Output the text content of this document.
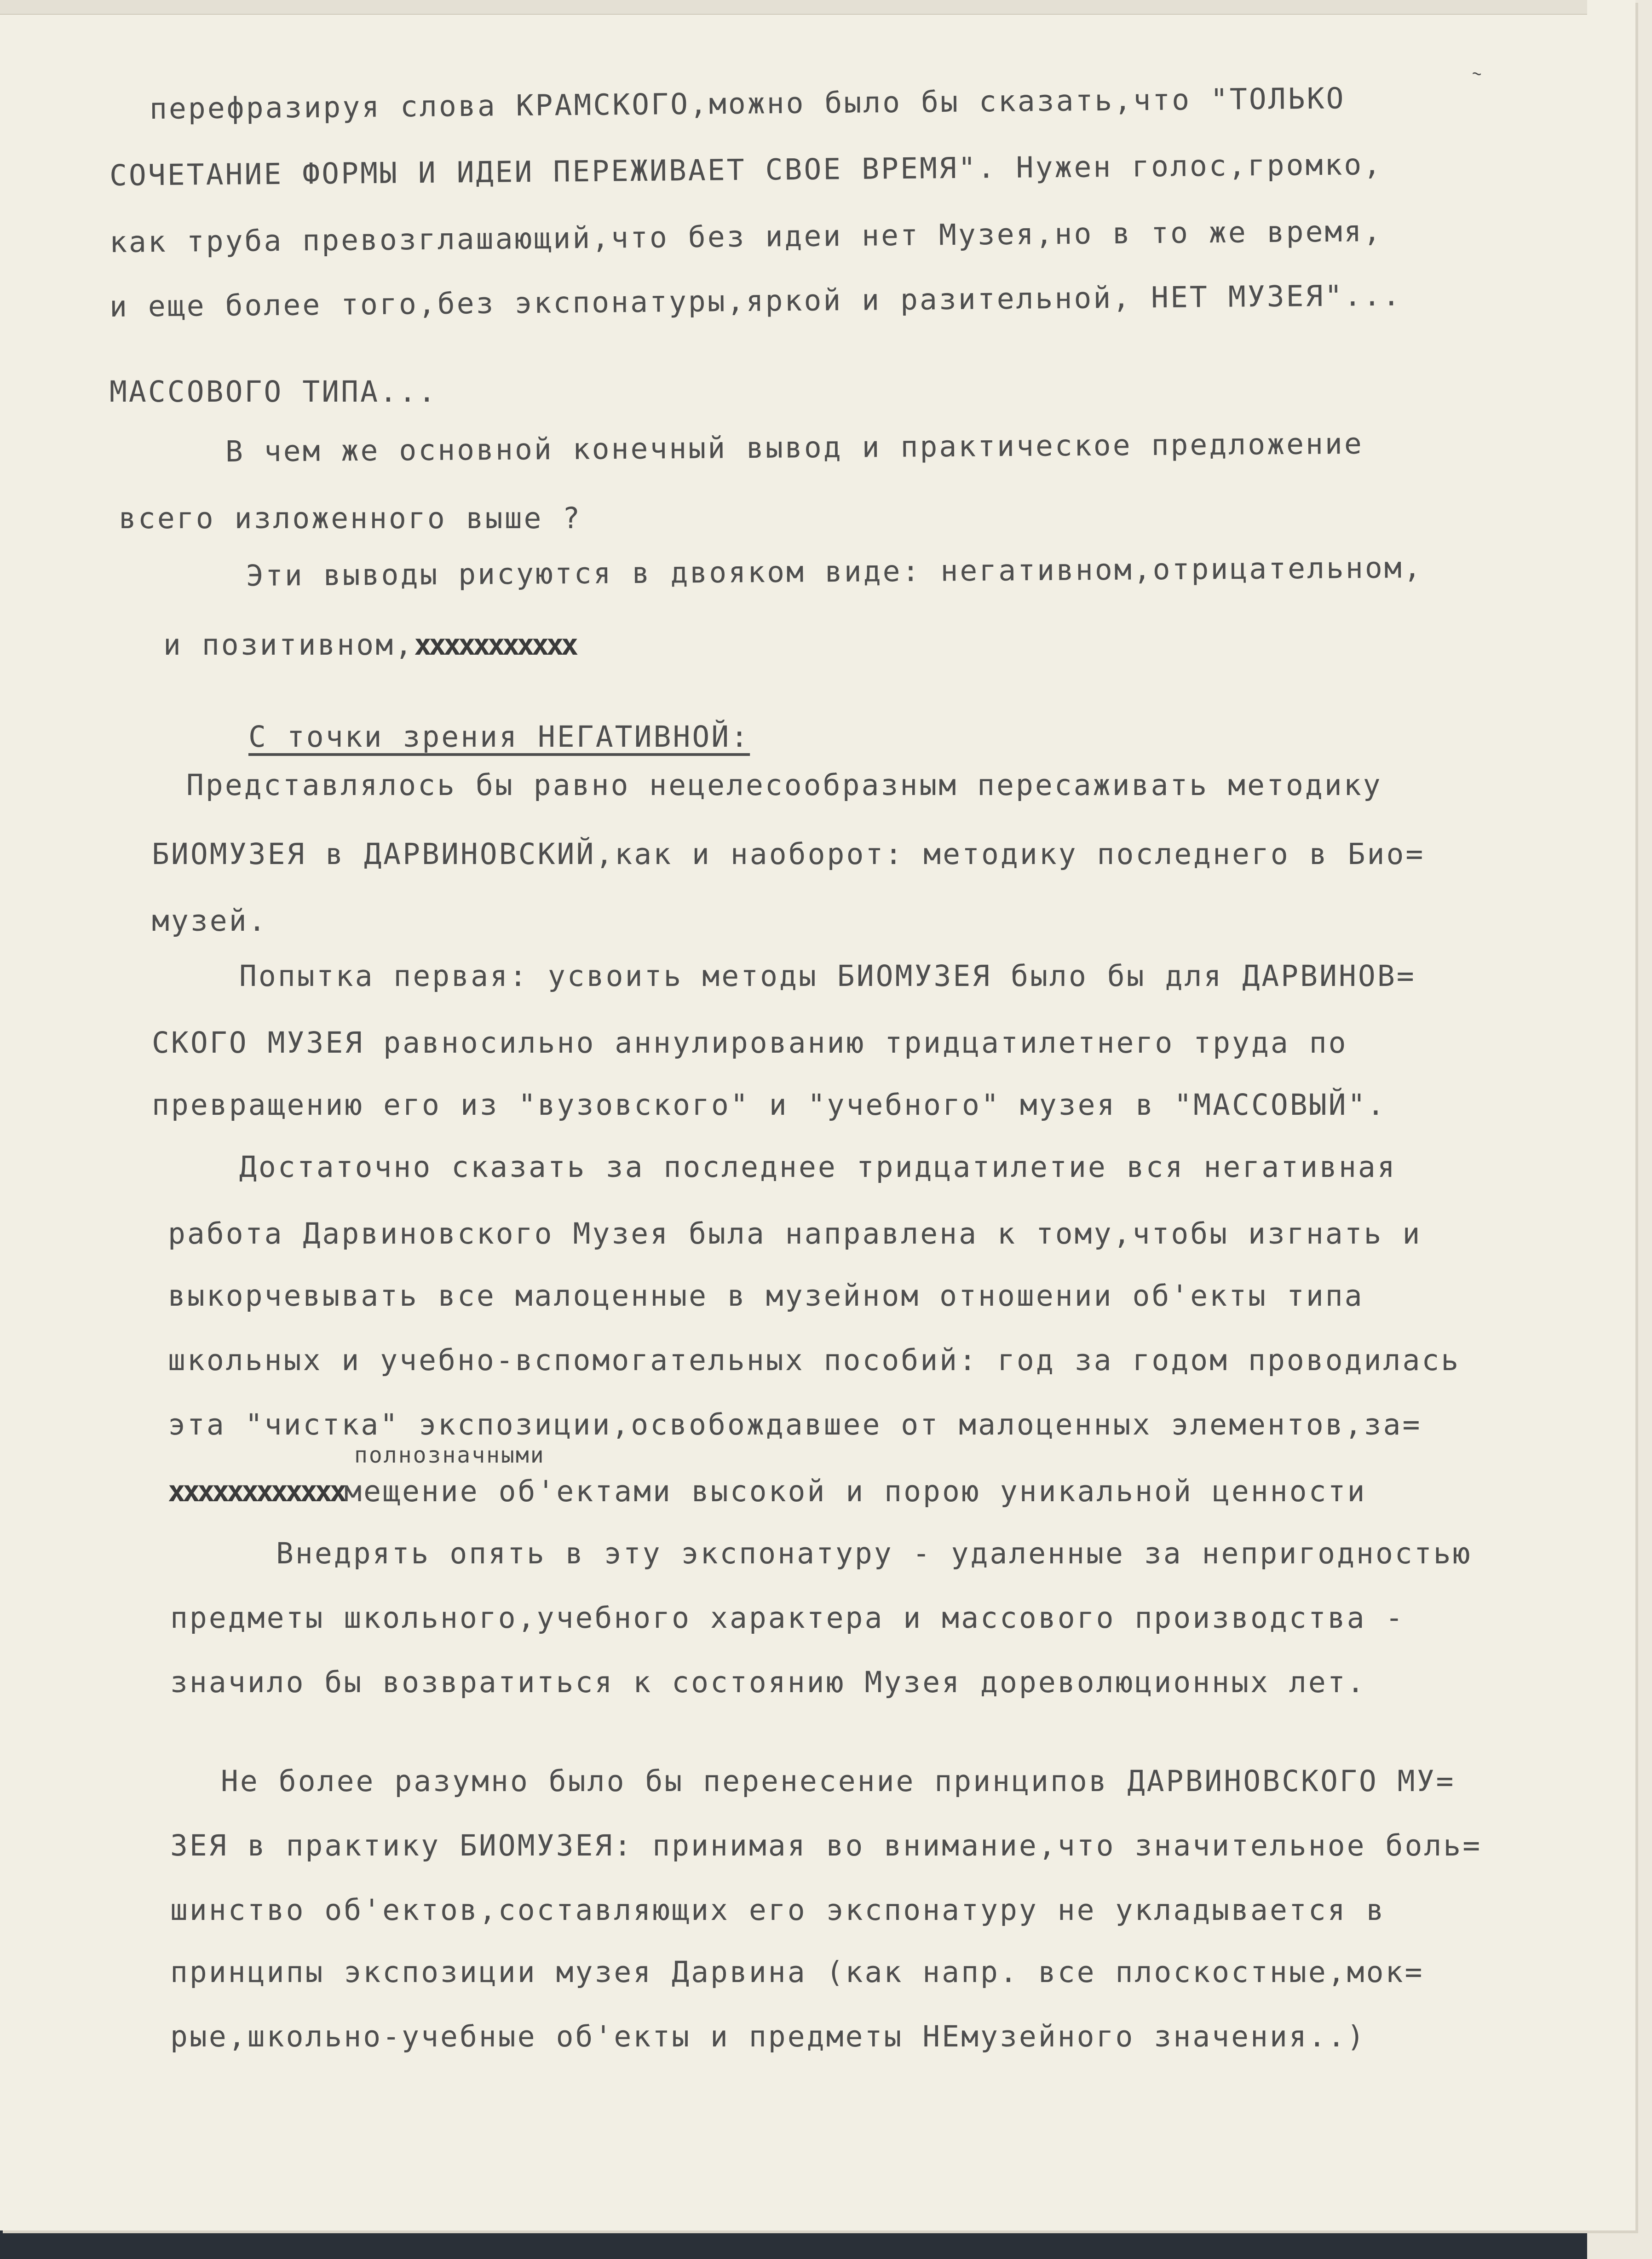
~

перефразируя слова КРАМСКОГО,можно было бы сказать,что "ТОЛЬКО

СОЧЕТАНИЕ ФОРМЫ И ИДЕИ ПЕРЕЖИВАЕТ СВОЕ ВРЕМЯ". Нужен голос,громко,

как труба превозглашающий,что без идеи нет Музея,но в то же время,

и еще более того,без экспонатуры,яркой и разительной, НЕТ МУЗЕЯ"...

МАССОВОГО ТИПА...

В чем же основной конечный вывод и практическое предложение

всего изложенного выше ?

Эти выводы рисуются в двояком виде: негативном,отрицательном,

и позитивном,ххххххххххх

С точки зрения НЕГАТИВНОЙ:

Представлялось бы равно нецелесообразным пересаживать методику

БИОМУЗЕЯ в ДАРВИНОВСКИЙ,как и наоборот: методику последнего в Био=

музей.

Попытка первая: усвоить методы БИОМУЗЕЯ было бы для ДАРВИНОВ=

СКОГО МУЗЕЯ равносильно аннулированию тридцатилетнего труда по

превращению его из "вузовского" и "учебного" музея в "МАССОВЫЙ".

Достаточно сказать за последнее тридцатилетие вся негативная

работа Дарвиновского Музея была направлена к тому,чтобы изгнать и

выкорчевывать все малоценные в музейном отношении об'екты типа

школьных и учебно-вспомогательных пособий: год за годом проводилась

эта "чистка" экспозиции,освобождавшее от малоценных элементов,за=

полнозначными

ххххххххххххмещение об'ектами высокой и порою уникальной ценности

Внедрять опять в эту экспонатуру - удаленные за непригодностью

предметы школьного,учебного характера и массового производства -

значило бы возвратиться к состоянию Музея дореволюционных лет.

Не более разумно было бы перенесение принципов ДАРВИНОВСКОГО МУ=

ЗЕЯ в практику БИОМУЗЕЯ: принимая во внимание,что значительное боль=

шинство об'ектов,составляющих его экспонатуру не укладывается в

принципы экспозиции музея Дарвина (как напр. все плоскостные,мок=

рые,школьно-учебные об'екты и предметы НЕмузейного значения..)
